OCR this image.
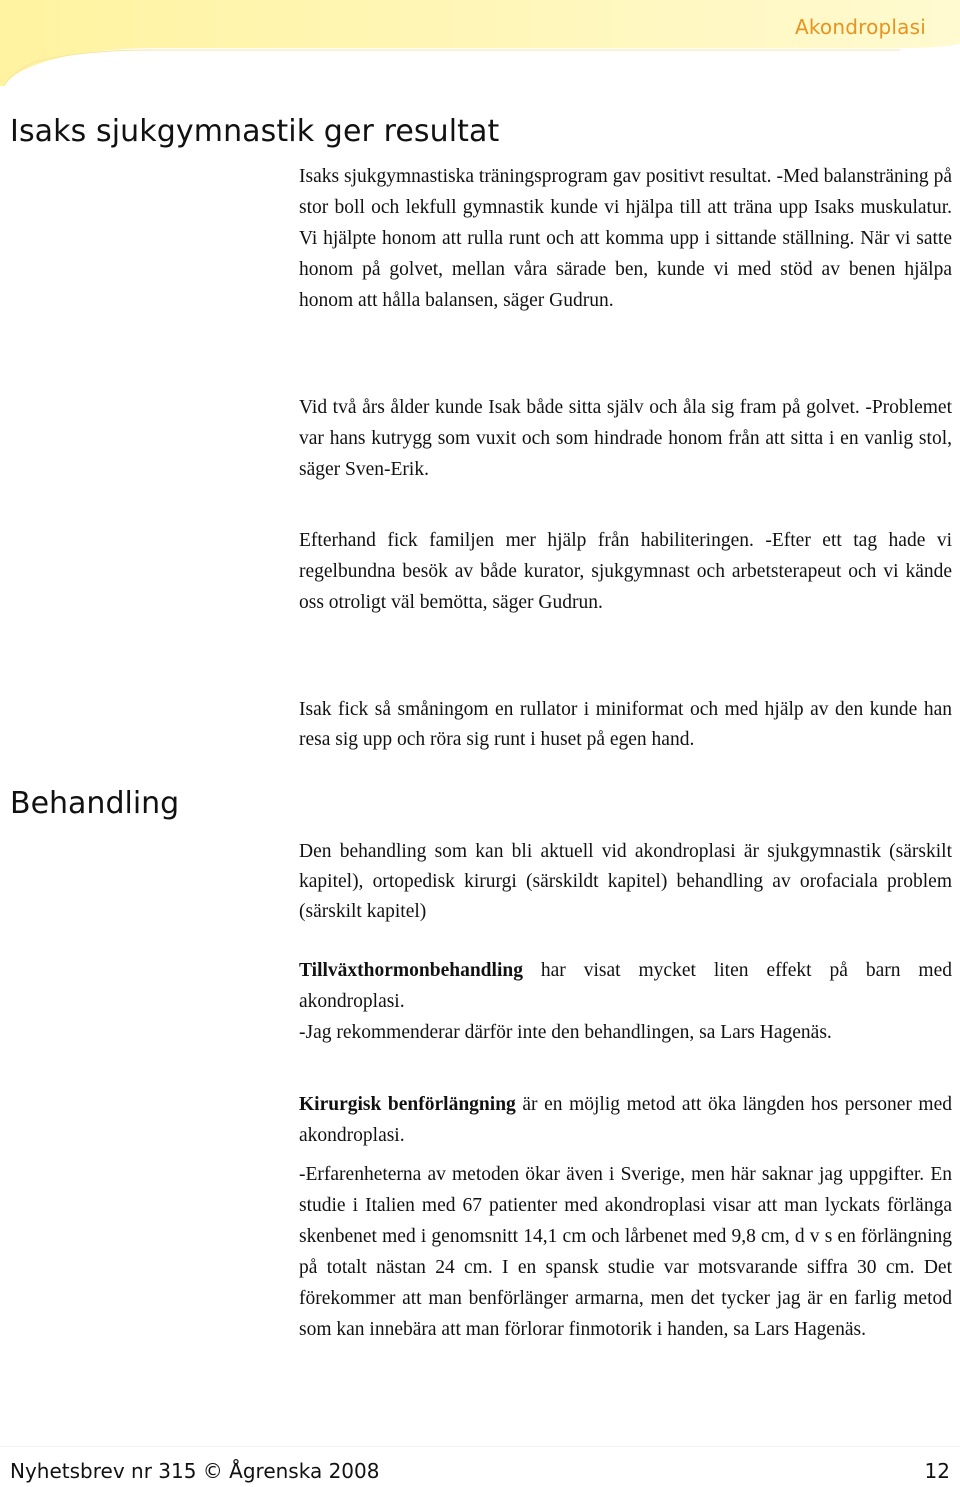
Akondroplasi
Isaks sjukgymnastik ger resultat

Isaks sjukgymnastiska träningsprogram gav positivt resultat. -Med balansträning på stor boll och lekfull gymnastik kunde vi hjälpa till att träna upp Isaks muskulatur. Vi hjälpte honom att rulla runt och att komma upp i sittande ställning. När vi satte honom på golvet, mellan våra särade ben, kunde vi med stöd av benen hjälpa honom att hålla balansen, säger Gudrun.

Vid två års ålder kunde Isak både sitta själv och åla sig fram på golvet. -Problemet var hans kutrygg som vuxit och som hindrade honom från att sitta i en vanlig stol, säger Sven-Erik.

Efterhand fick familjen mer hjälp från habiliteringen. -Efter ett tag hade vi regelbundna besök av både kurator, sjukgymnast och arbetsterapeut och vi kände oss otroligt väl bemötta, säger Gudrun.

Isak fick så småningom en rullator i miniformat och med hjälp av den kunde han resa sig upp och röra sig runt i huset på egen hand.

Behandling

Den behandling som kan bli aktuell vid akondroplasi är sjukgymnastik (särskilt kapitel), ortopedisk kirurgi (särskildt kapitel) behandling av orofaciala problem (särskilt kapitel)

Tillväxthormonbehandling har visat mycket liten effekt på barn med akondroplasi.

-Jag rekommenderar därför inte den behandlingen, sa Lars Hagenäs.

Kirurgisk benförlängning är en möjlig metod att öka längden hos personer med akondroplasi.

-Erfarenheterna av metoden ökar även i Sverige, men här saknar jag uppgifter. En studie i Italien med 67 patienter med akondroplasi visar att man lyckats förlänga skenbenet med i genomsnitt 14,1 cm och lårbenet med 9,8 cm, d v s en förlängning på totalt nästan 24 cm. I en spansk studie var motsvarande siffra 30 cm. Det förekommer att man benförlänger armarna, men det tycker jag är en farlig metod som kan innebära att man förlorar finmotorik i handen, sa Lars Hagenäs.

Nyhetsbrev nr 315 © Ågrenska 2008	12
